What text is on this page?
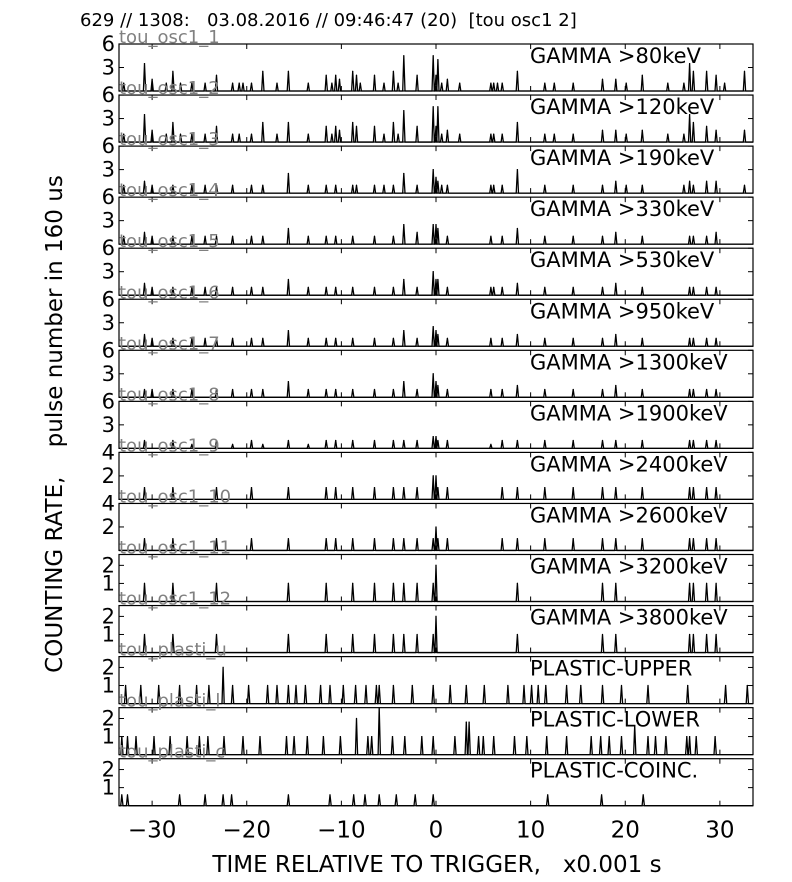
629 // 1308:   03.08.2016 // 09:46:47 (20)  [tou osc1 2]
COUNTING RATE,    pulse number in 160 us
TIME RELATIVE TO TRIGGER,   x0.001 s
3
6	GAMMA >80keV
tou_osc1_1
3
6	GAMMA >120keV
tou_osc1_2
3
6	GAMMA >190keV
tou_osc1_3
3
6	GAMMA >330keV
tou_osc1_4
3
6	GAMMA >530keV
tou_osc1_5
3
6	GAMMA >950keV
tou_osc1_6
3
6	GAMMA >1300keV
tou_osc1_7
3
6	GAMMA >1900keV
tou_osc1_8
2
4	GAMMA >2400keV
tou_osc1_9
2
4	GAMMA >2600keV
tou_osc1_10
1
2	GAMMA >3200keV
tou_osc1_11
1
2	GAMMA >3800keV
tou_osc1_12
1
2	PLASTIC-UPPER
tou_plasti_u
1
2	PLASTIC-LOWER
tou_plasti_l
1
2	PLASTIC-COINC.
tou_plasti_c
−30 −20 −10	0	10	20	30
